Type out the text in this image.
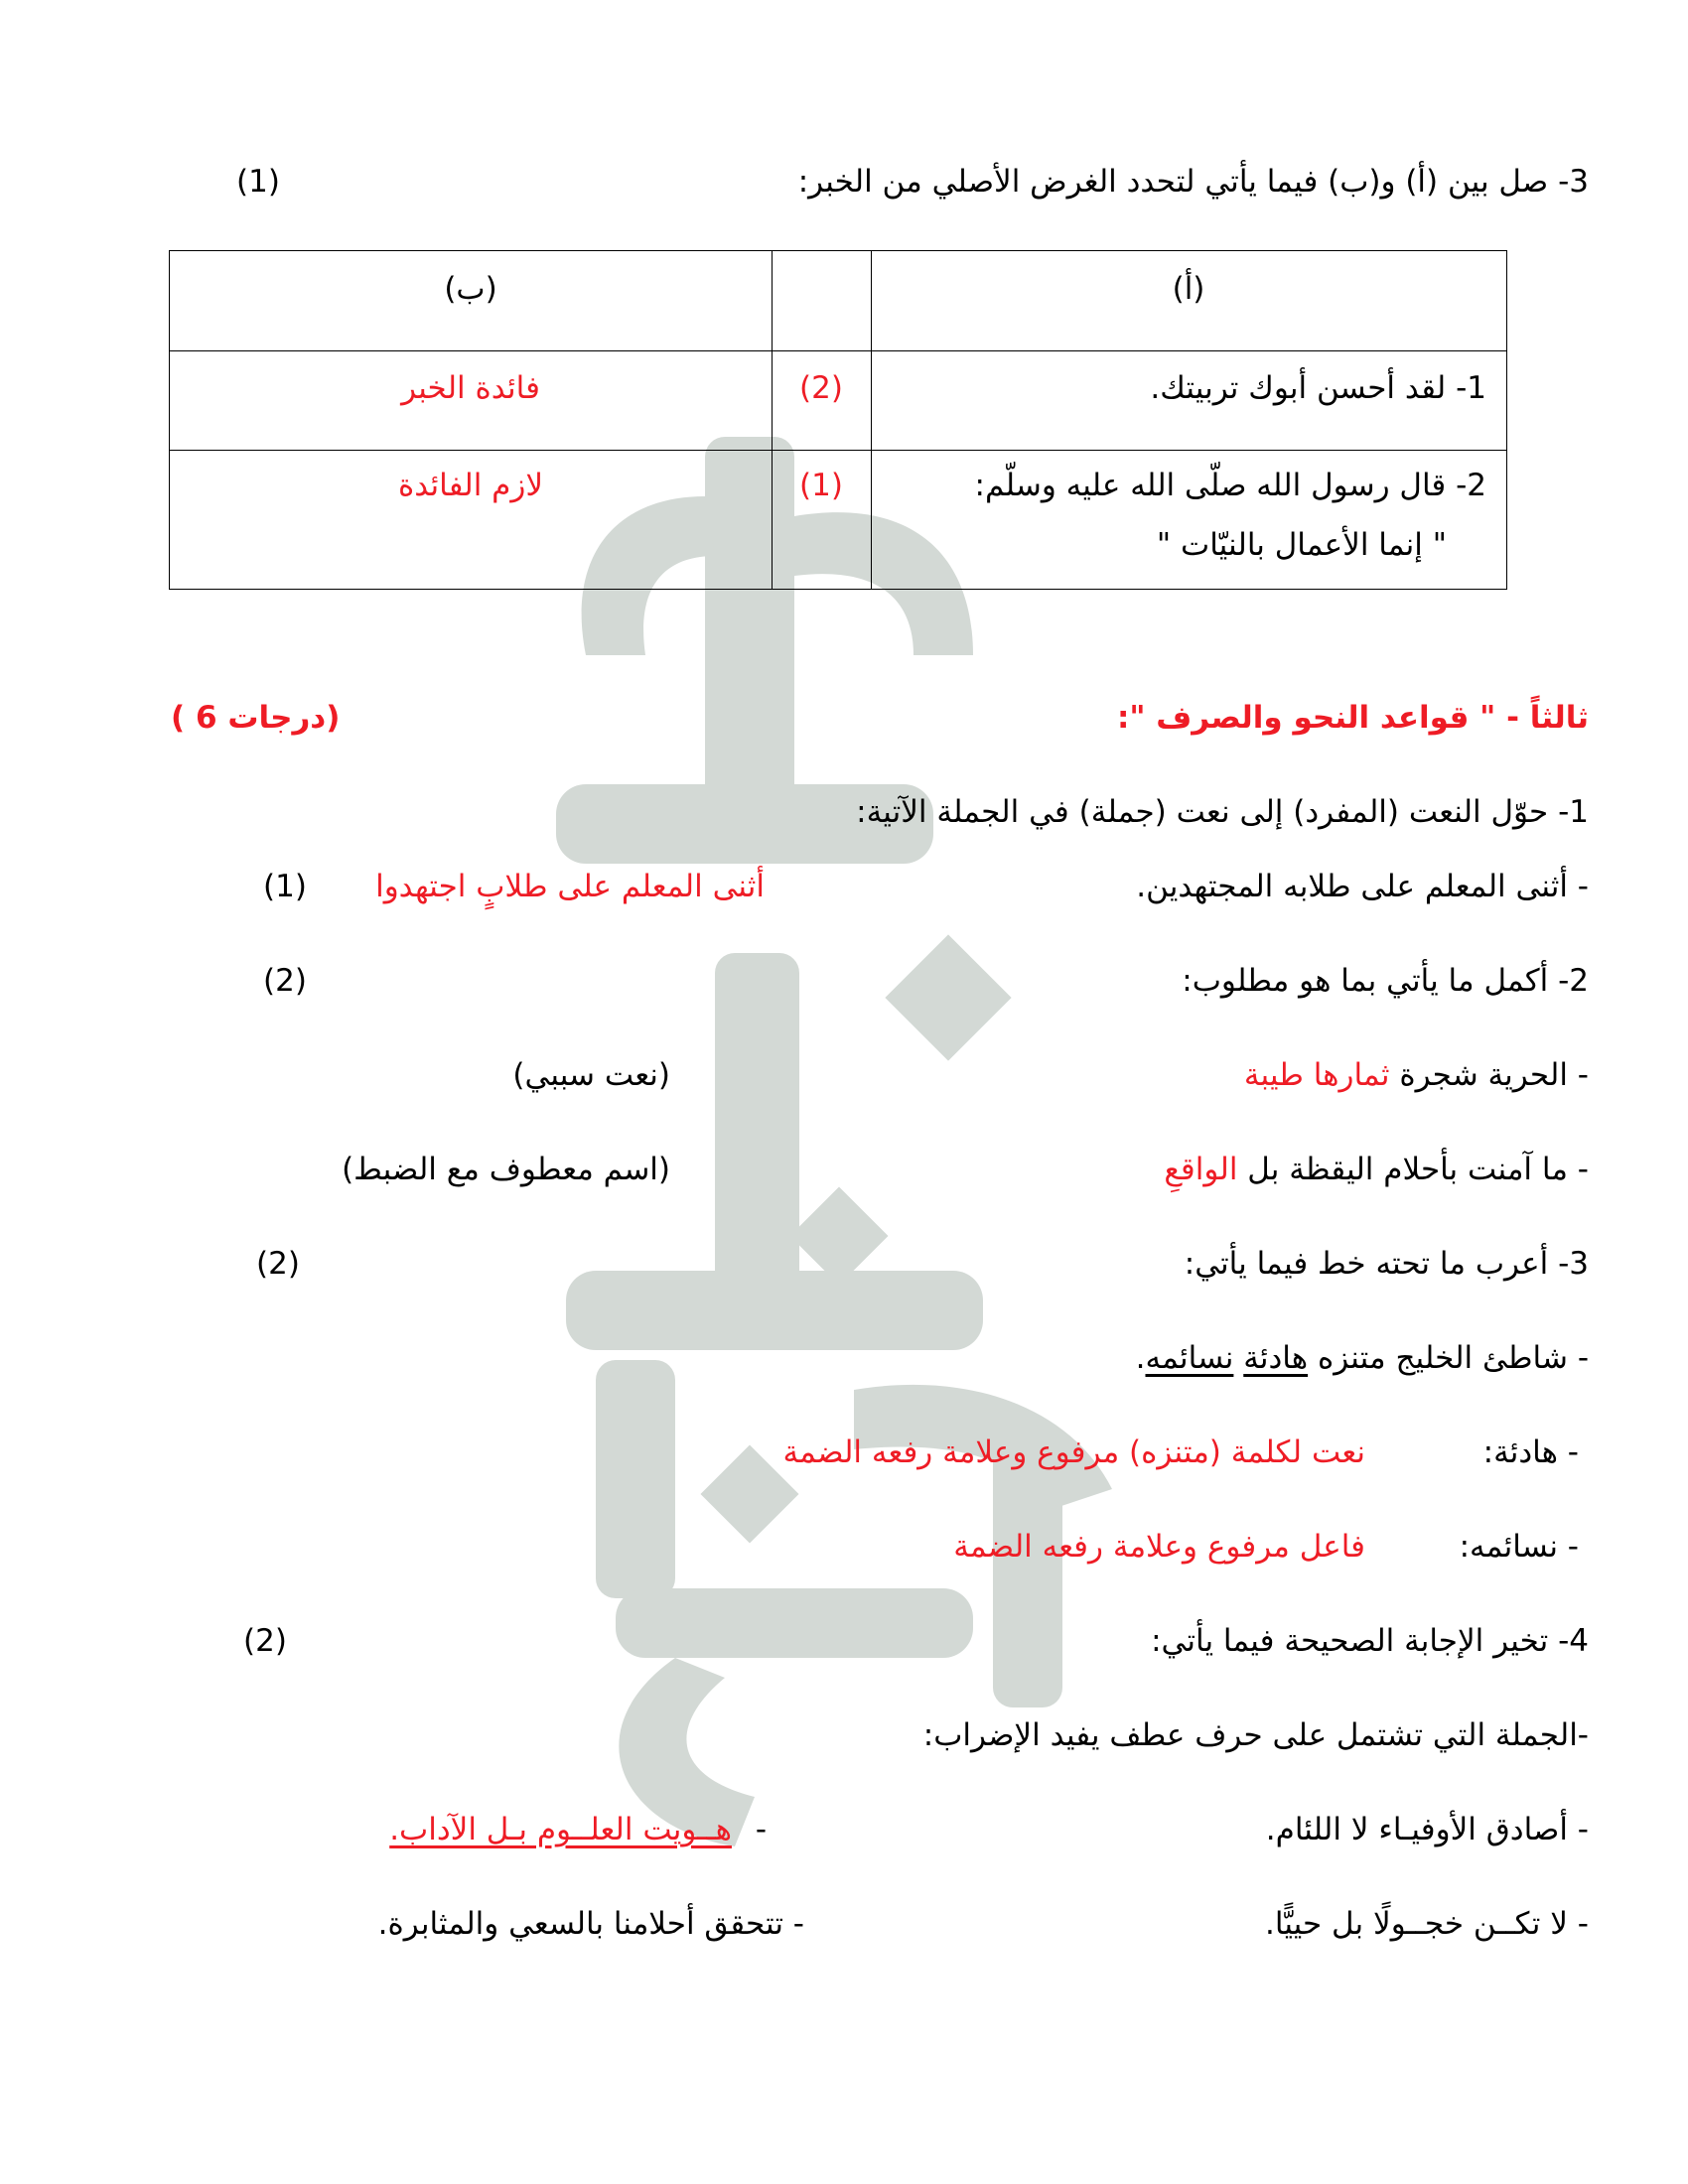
3- صل بين (أ) و(ب) فيما يأتي لتحدد الغرض الأصلي من الخبر:
(1)
(أ)
(ب)
1- لقد أحسن أبوك تربيتك.
(2)
فائدة الخبر
2- قال رسول الله صلّى الله عليه وسلّم:
" إنما الأعمال بالنيّات "
(1)
لازم الفائدة
ثالثاً - " قواعد النحو والصرف ":
( 6 درجات)
1- حوّل النعت (المفرد) إلى نعت (جملة) في الجملة الآتية:
- أثنى المعلم على طلابه المجتهدين.
أثنى المعلم على طلابٍ اجتهدوا
(1)
2- أكمل ما يأتي بما هو مطلوب:
(2)
- الحرية شجرة ثمارها طيبة
(نعت سببي)
- ما آمنت بأحلام اليقظة بل الواقعِ
(اسم معطوف مع الضبط)
3- أعرب ما تحته خط فيما يأتي:
(2)
- شاطئ الخليج متنزه هادئة نسائمه.
- هادئة:
نعت لكلمة (متنزه) مرفوع وعلامة رفعه الضمة
- نسائمه:
فاعل مرفوع وعلامة رفعه الضمة
4- تخير الإجابة الصحيحة فيما يأتي:
(2)
-الجملة التي تشتمل على حرف عطف يفيد الإضراب:
- أصادق الأوفيـاء لا اللئام.
- هــويت العلــوم بـل الآداب.
- لا تكــن خجــولًا بل حييًّا.
- تتحقق أحلامنا بالسعي والمثابرة.
